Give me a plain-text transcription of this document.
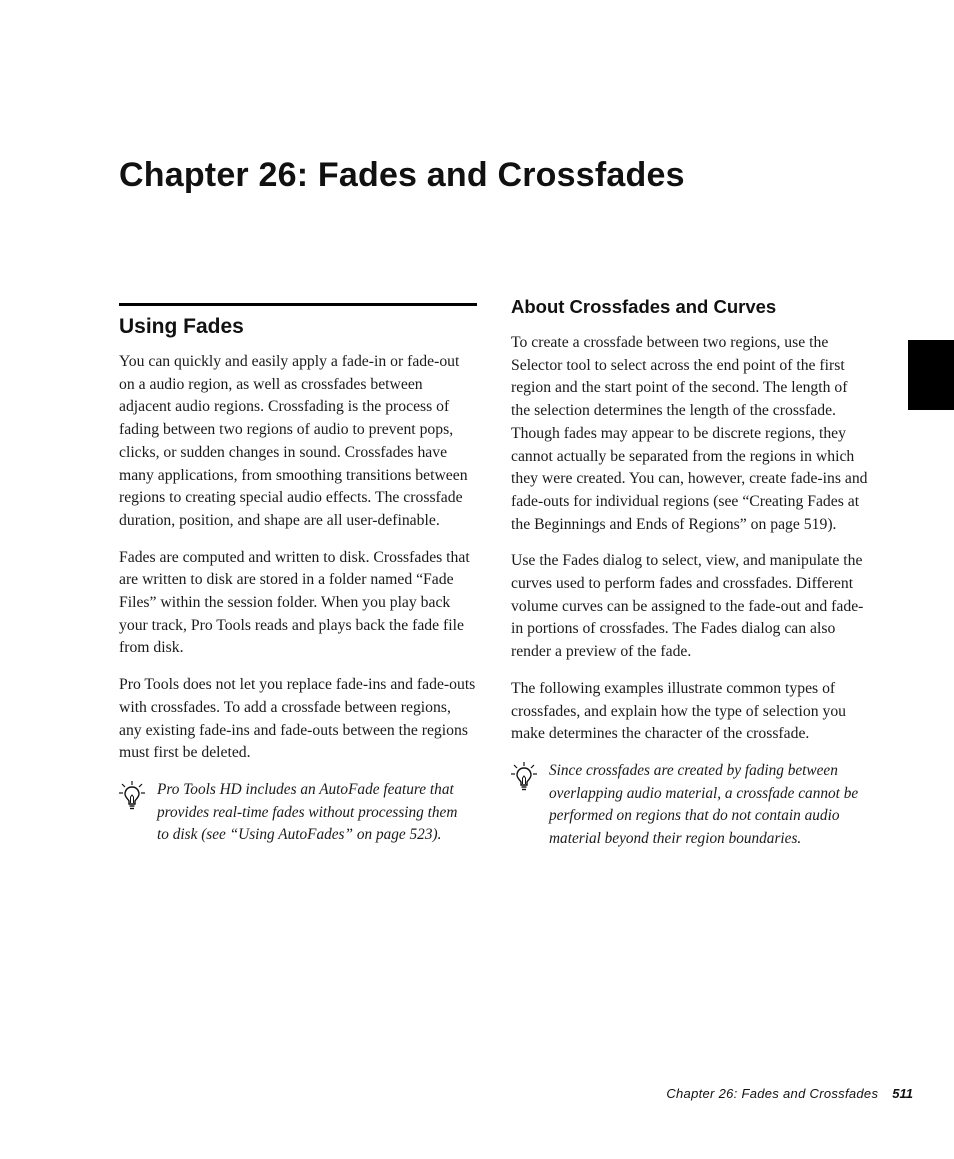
Chapter 26: Fades and Crossfades
Using Fades

You can quickly and easily apply a fade-in or fade-out on a audio region, as well as crossfades between adjacent audio regions. Crossfading is the process of fading between two regions of audio to prevent pops, clicks, or sudden changes in sound. Crossfades have many applications, from smoothing transitions between regions to creating special audio effects. The crossfade duration, position, and shape are all user-definable.

Fades are computed and written to disk. Crossfades that are written to disk are stored in a folder named “Fade Files” within the session folder. When you play back your track, Pro Tools reads and plays back the fade file from disk.

Pro Tools does not let you replace fade-ins and fade-outs with crossfades. To add a crossfade between regions, any existing fade-ins and fade-outs between the regions must first be deleted.

Pro Tools HD includes an AutoFade feature that provides real-time fades without processing them to disk (see “Using AutoFades” on page 523).

About Crossfades and Curves

To create a crossfade between two regions, use the Selector tool to select across the end point of the first region and the start point of the second. The length of the selection determines the length of the crossfade. Though fades may appear to be discrete regions, they cannot actually be separated from the regions in which they were created. You can, however, create fade-ins and fade-outs for individual regions (see “Creating Fades at the Beginnings and Ends of Regions” on page 519).

Use the Fades dialog to select, view, and manipulate the curves used to perform fades and crossfades. Different volume curves can be assigned to the fade-out and fade-in portions of crossfades. The Fades dialog can also render a preview of the fade.

The following examples illustrate common types of crossfades, and explain how the type of selection you make determines the character of the crossfade.

Since crossfades are created by fading between overlapping audio material, a crossfade cannot be performed on regions that do not contain audio material beyond their region boundaries.

Chapter 26: Fades and Crossfades 511
